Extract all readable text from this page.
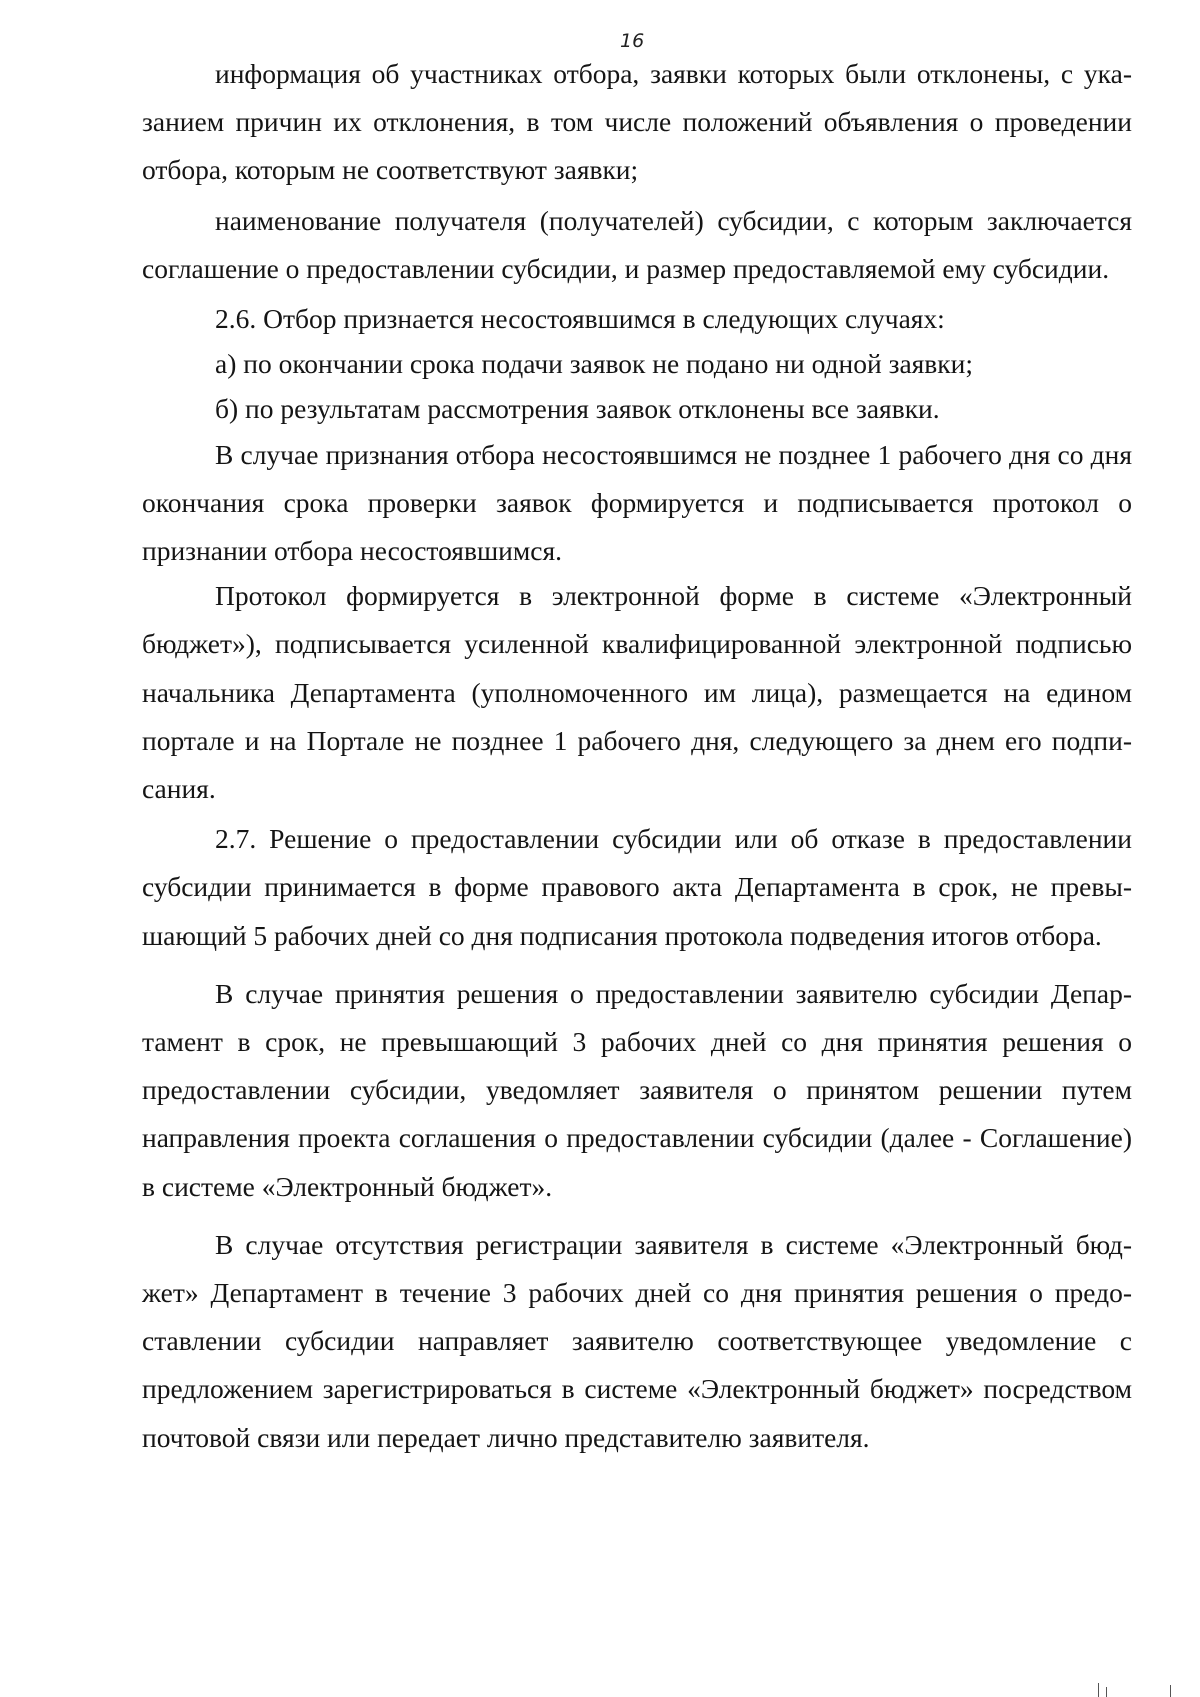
16

информация об участниках отбора, заявки которых были отклонены, с указанием причин их отклонения, в том числе положений объявления о проведении отбора, которым не соответствуют заявки;

наименование получателя (получателей) субсидии, с которым заключается соглашение о предоставлении субсидии, и размер предоставляемой ему субсидии.

2.6. Отбор признается несостоявшимся в следующих случаях:

а) по окончании срока подачи заявок не подано ни одной заявки;

б) по результатам рассмотрения заявок отклонены все заявки.

В случае признания отбора несостоявшимся не позднее 1 рабочего дня со дня окончания срока проверки заявок формируется и подписывается протокол о признании отбора несостоявшимся.

Протокол формируется в электронной форме в системе «Электронный бюджет»), подписывается усиленной квалифицированной электронной подписью начальника Департамента (уполномоченного им лица), размещается на едином портале и на Портале не позднее 1 рабочего дня, следующего за днем его подписания.

2.7. Решение о предоставлении субсидии или об отказе в предоставлении субсидии принимается в форме правового акта Департамента в срок, не превышающий 5 рабочих дней со дня подписания протокола подведения итогов отбора.

В случае принятия решения о предоставлении заявителю субсидии Департамент в срок, не превышающий 3 рабочих дней со дня принятия решения о предоставлении субсидии, уведомляет заявителя о принятом решении путем направления проекта соглашения о предоставлении субсидии (далее - Соглашение) в системе «Электронный бюджет».

В случае отсутствия регистрации заявителя в системе «Электронный бюджет» Департамент в течение 3 рабочих дней со дня принятия решения о предоставлении субсидии направляет заявителю соответствующее уведомление с предложением зарегистрироваться в системе «Электронный бюджет» посредством почтовой связи или передает лично представителю заявителя.
